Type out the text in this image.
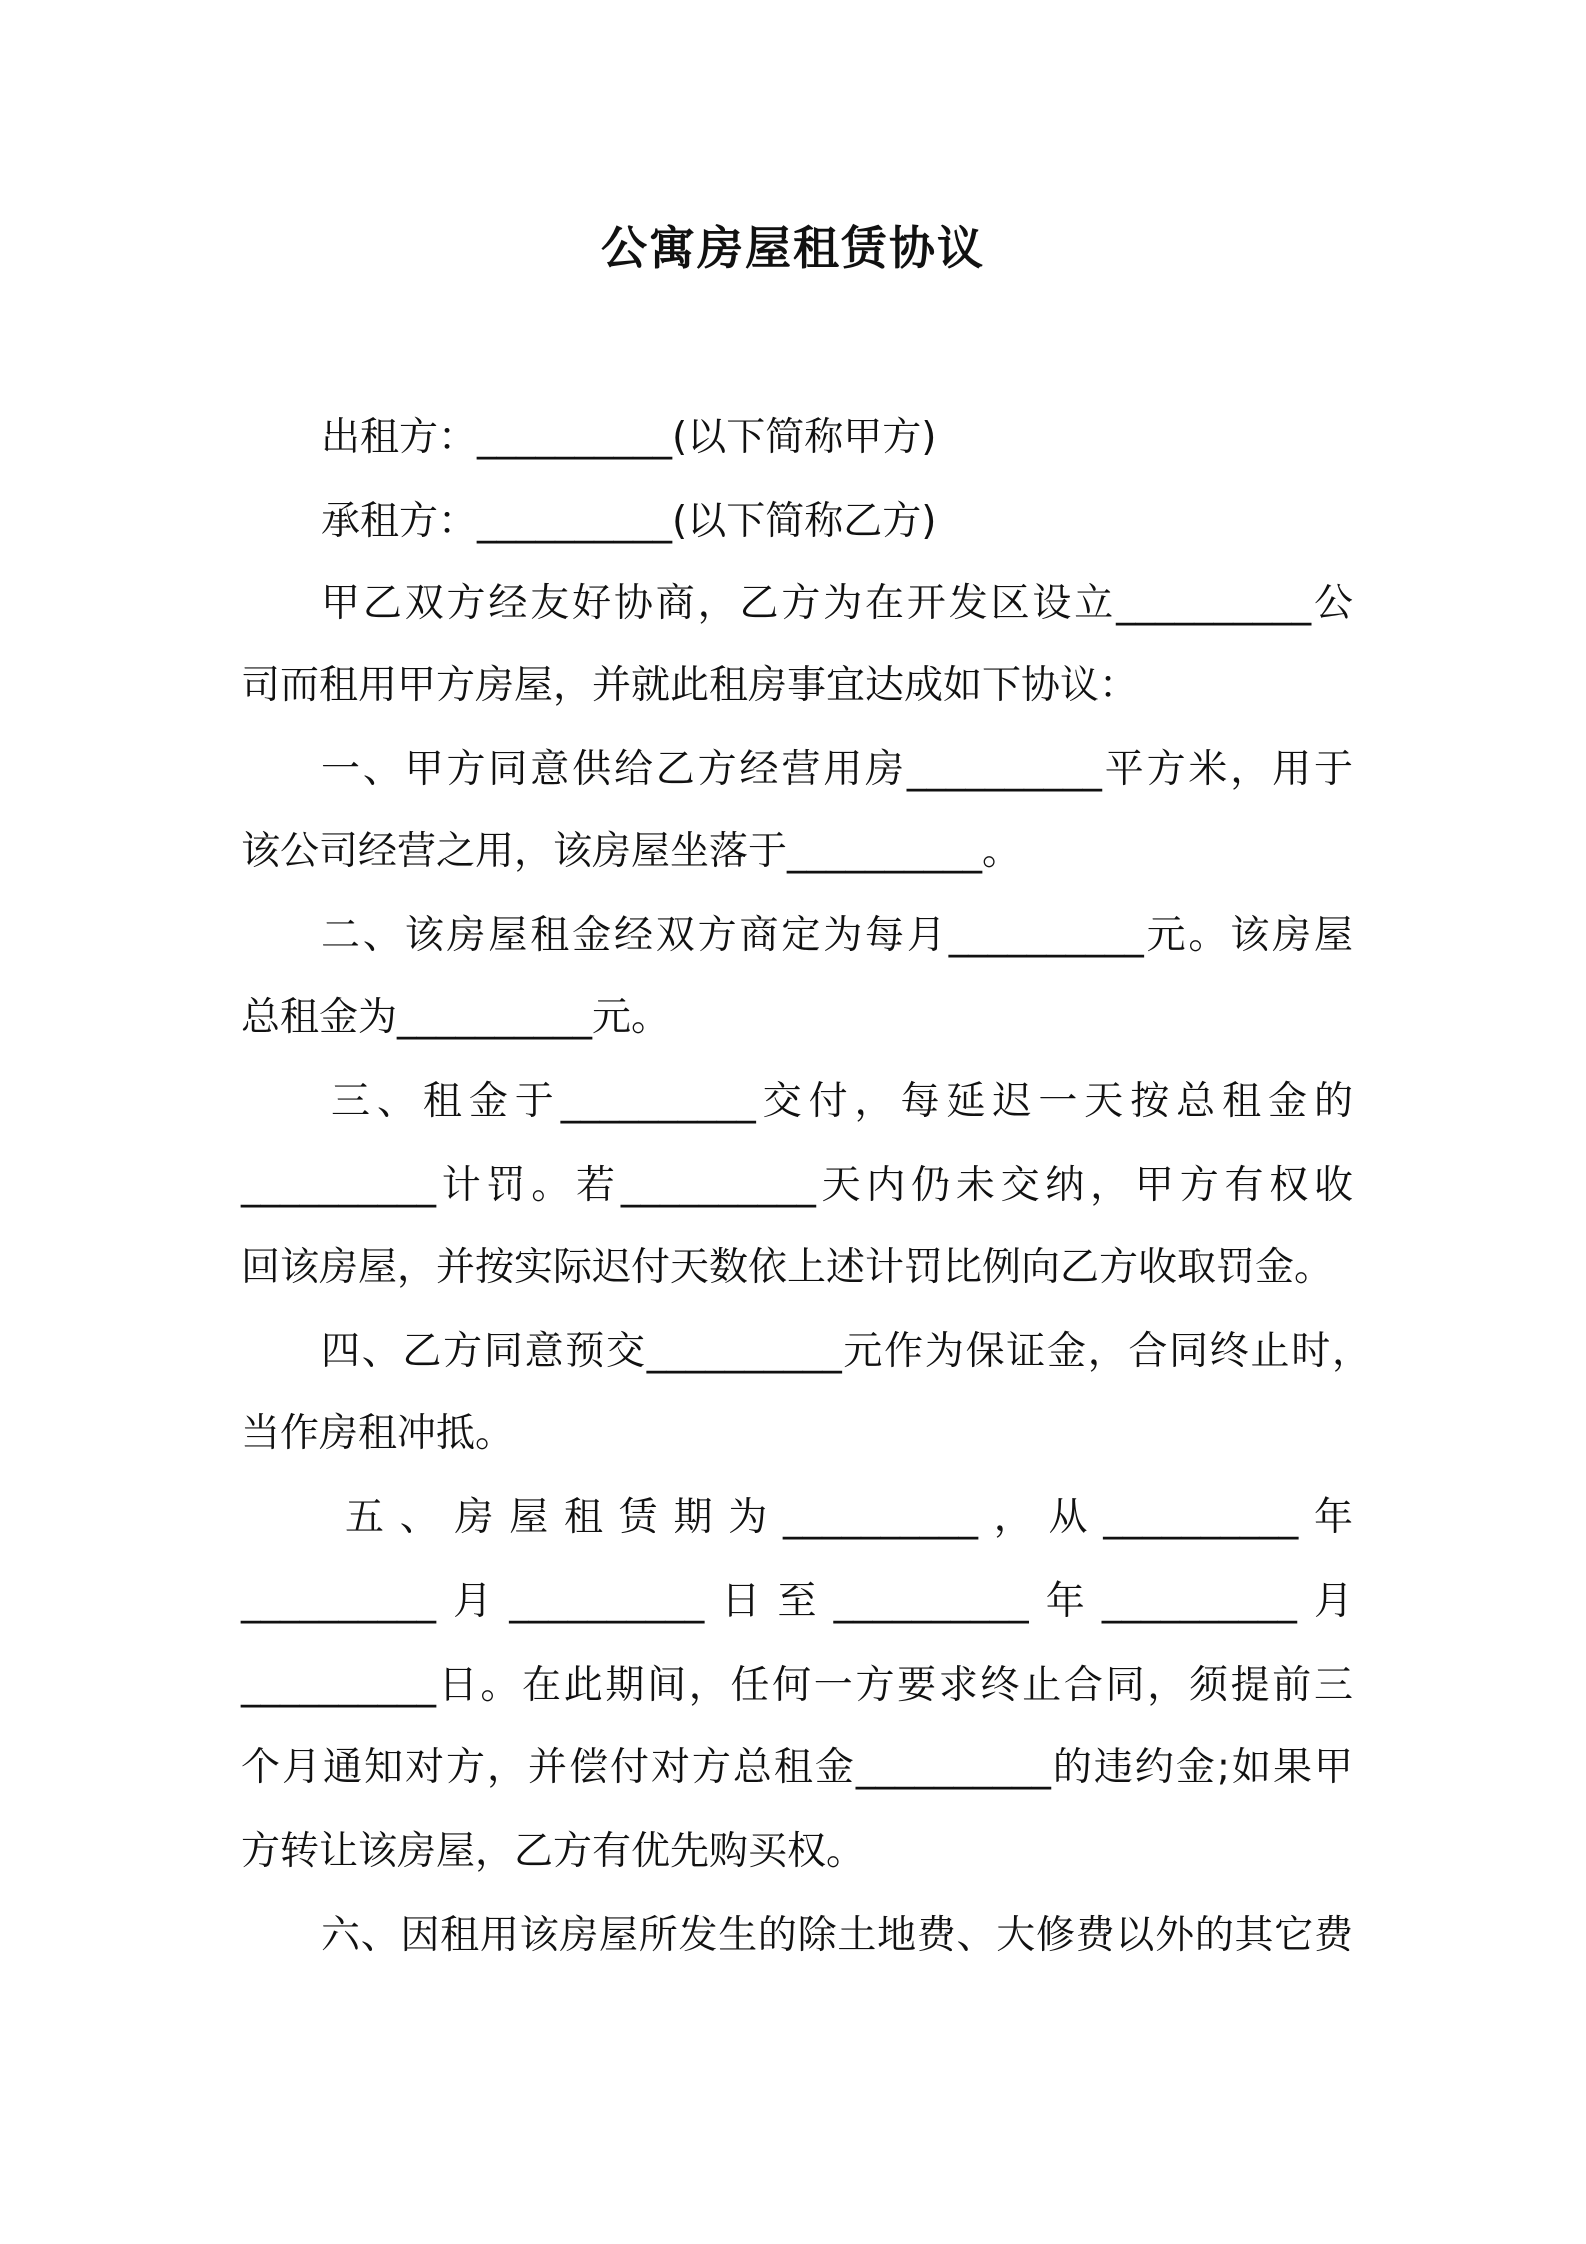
公寓房屋租赁协议
出租方：__________(以下简称甲方)
承租方：__________(以下简称乙方)
甲乙双方经友好协商，乙方为在开发区设立__________公
司而租用甲方房屋，并就此租房事宜达成如下协议：
一、甲方同意供给乙方经营用房__________平方米，用于
该公司经营之用，该房屋坐落于__________。
二、该房屋租金经双方商定为每月__________元。该房屋
总租金为__________元。
三、租金于__________交付，每延迟一天按总租金的
__________计罚。若__________天内仍未交纳，甲方有权收
回该房屋，并按实际迟付天数依上述计罚比例向乙方收取罚金。
四、乙方同意预交__________元作为保证金，合同终止时，
当作房租冲抵。
五、房屋租赁期为__________，从__________年
__________月__________日至__________年__________月
__________日。在此期间，任何一方要求终止合同，须提前三
个月通知对方，并偿付对方总租金__________的违约金;如果甲
方转让该房屋，乙方有优先购买权。
六、因租用该房屋所发生的除土地费、大修费以外的其它费
